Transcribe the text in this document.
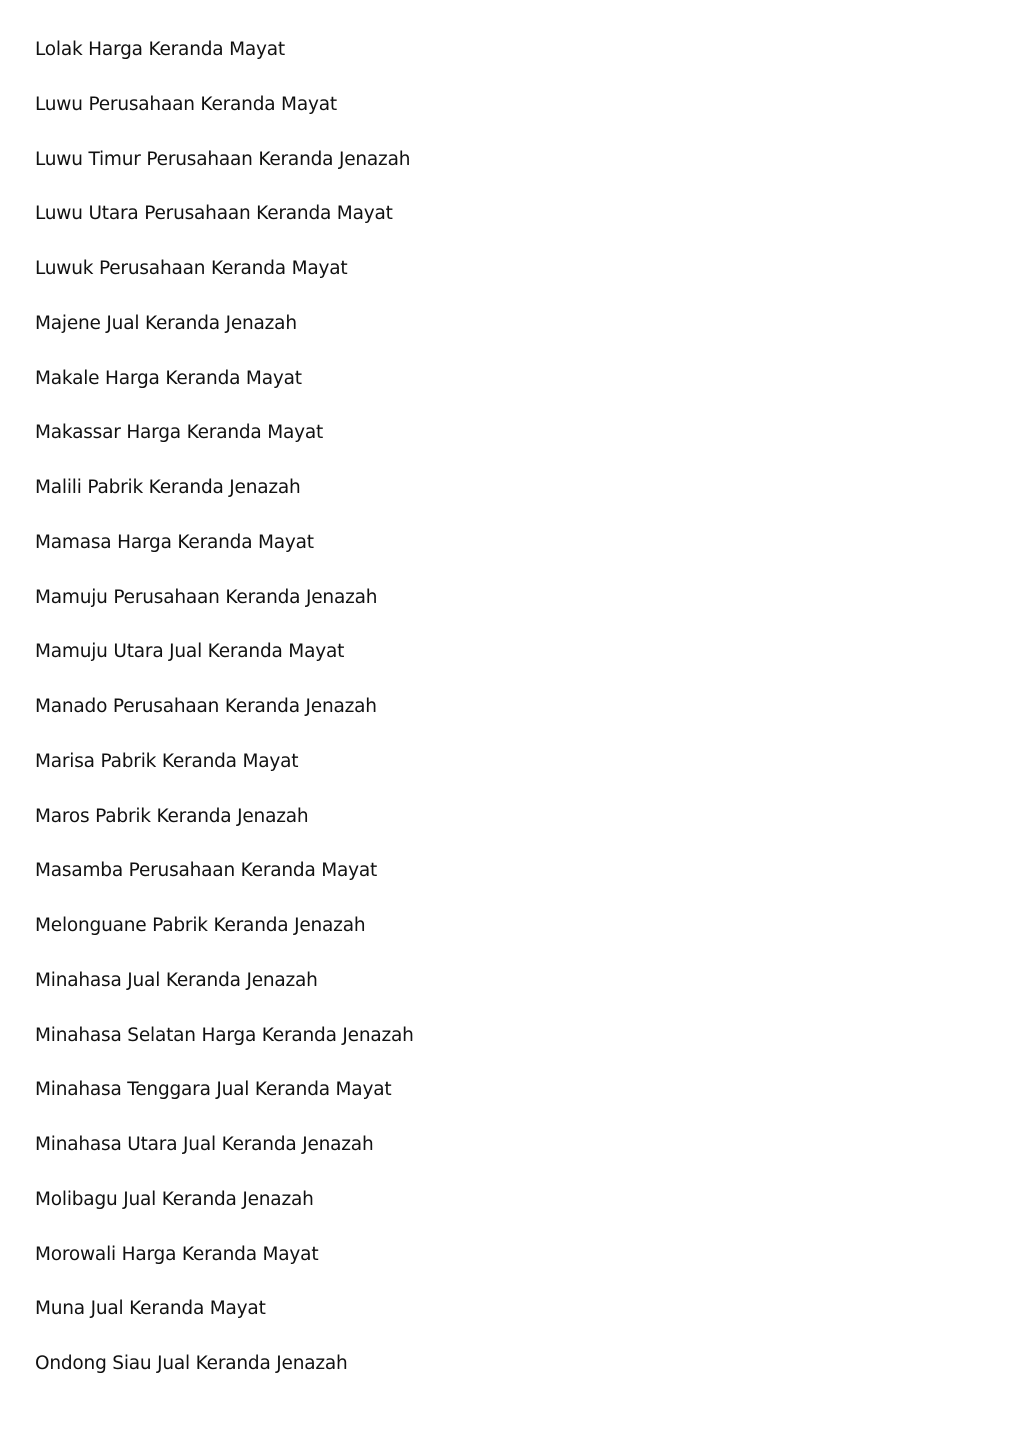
Lolak Harga Keranda Mayat
Luwu Perusahaan Keranda Mayat
Luwu Timur Perusahaan Keranda Jenazah
Luwu Utara Perusahaan Keranda Mayat
Luwuk Perusahaan Keranda Mayat
Majene Jual Keranda Jenazah
Makale Harga Keranda Mayat
Makassar Harga Keranda Mayat
Malili Pabrik Keranda Jenazah
Mamasa Harga Keranda Mayat
Mamuju Perusahaan Keranda Jenazah
Mamuju Utara Jual Keranda Mayat
Manado Perusahaan Keranda Jenazah
Marisa Pabrik Keranda Mayat
Maros Pabrik Keranda Jenazah
Masamba Perusahaan Keranda Mayat
Melonguane Pabrik Keranda Jenazah
Minahasa Jual Keranda Jenazah
Minahasa Selatan Harga Keranda Jenazah
Minahasa Tenggara Jual Keranda Mayat
Minahasa Utara Jual Keranda Jenazah
Molibagu Jual Keranda Jenazah
Morowali Harga Keranda Mayat
Muna Jual Keranda Mayat
Ondong Siau Jual Keranda Jenazah
